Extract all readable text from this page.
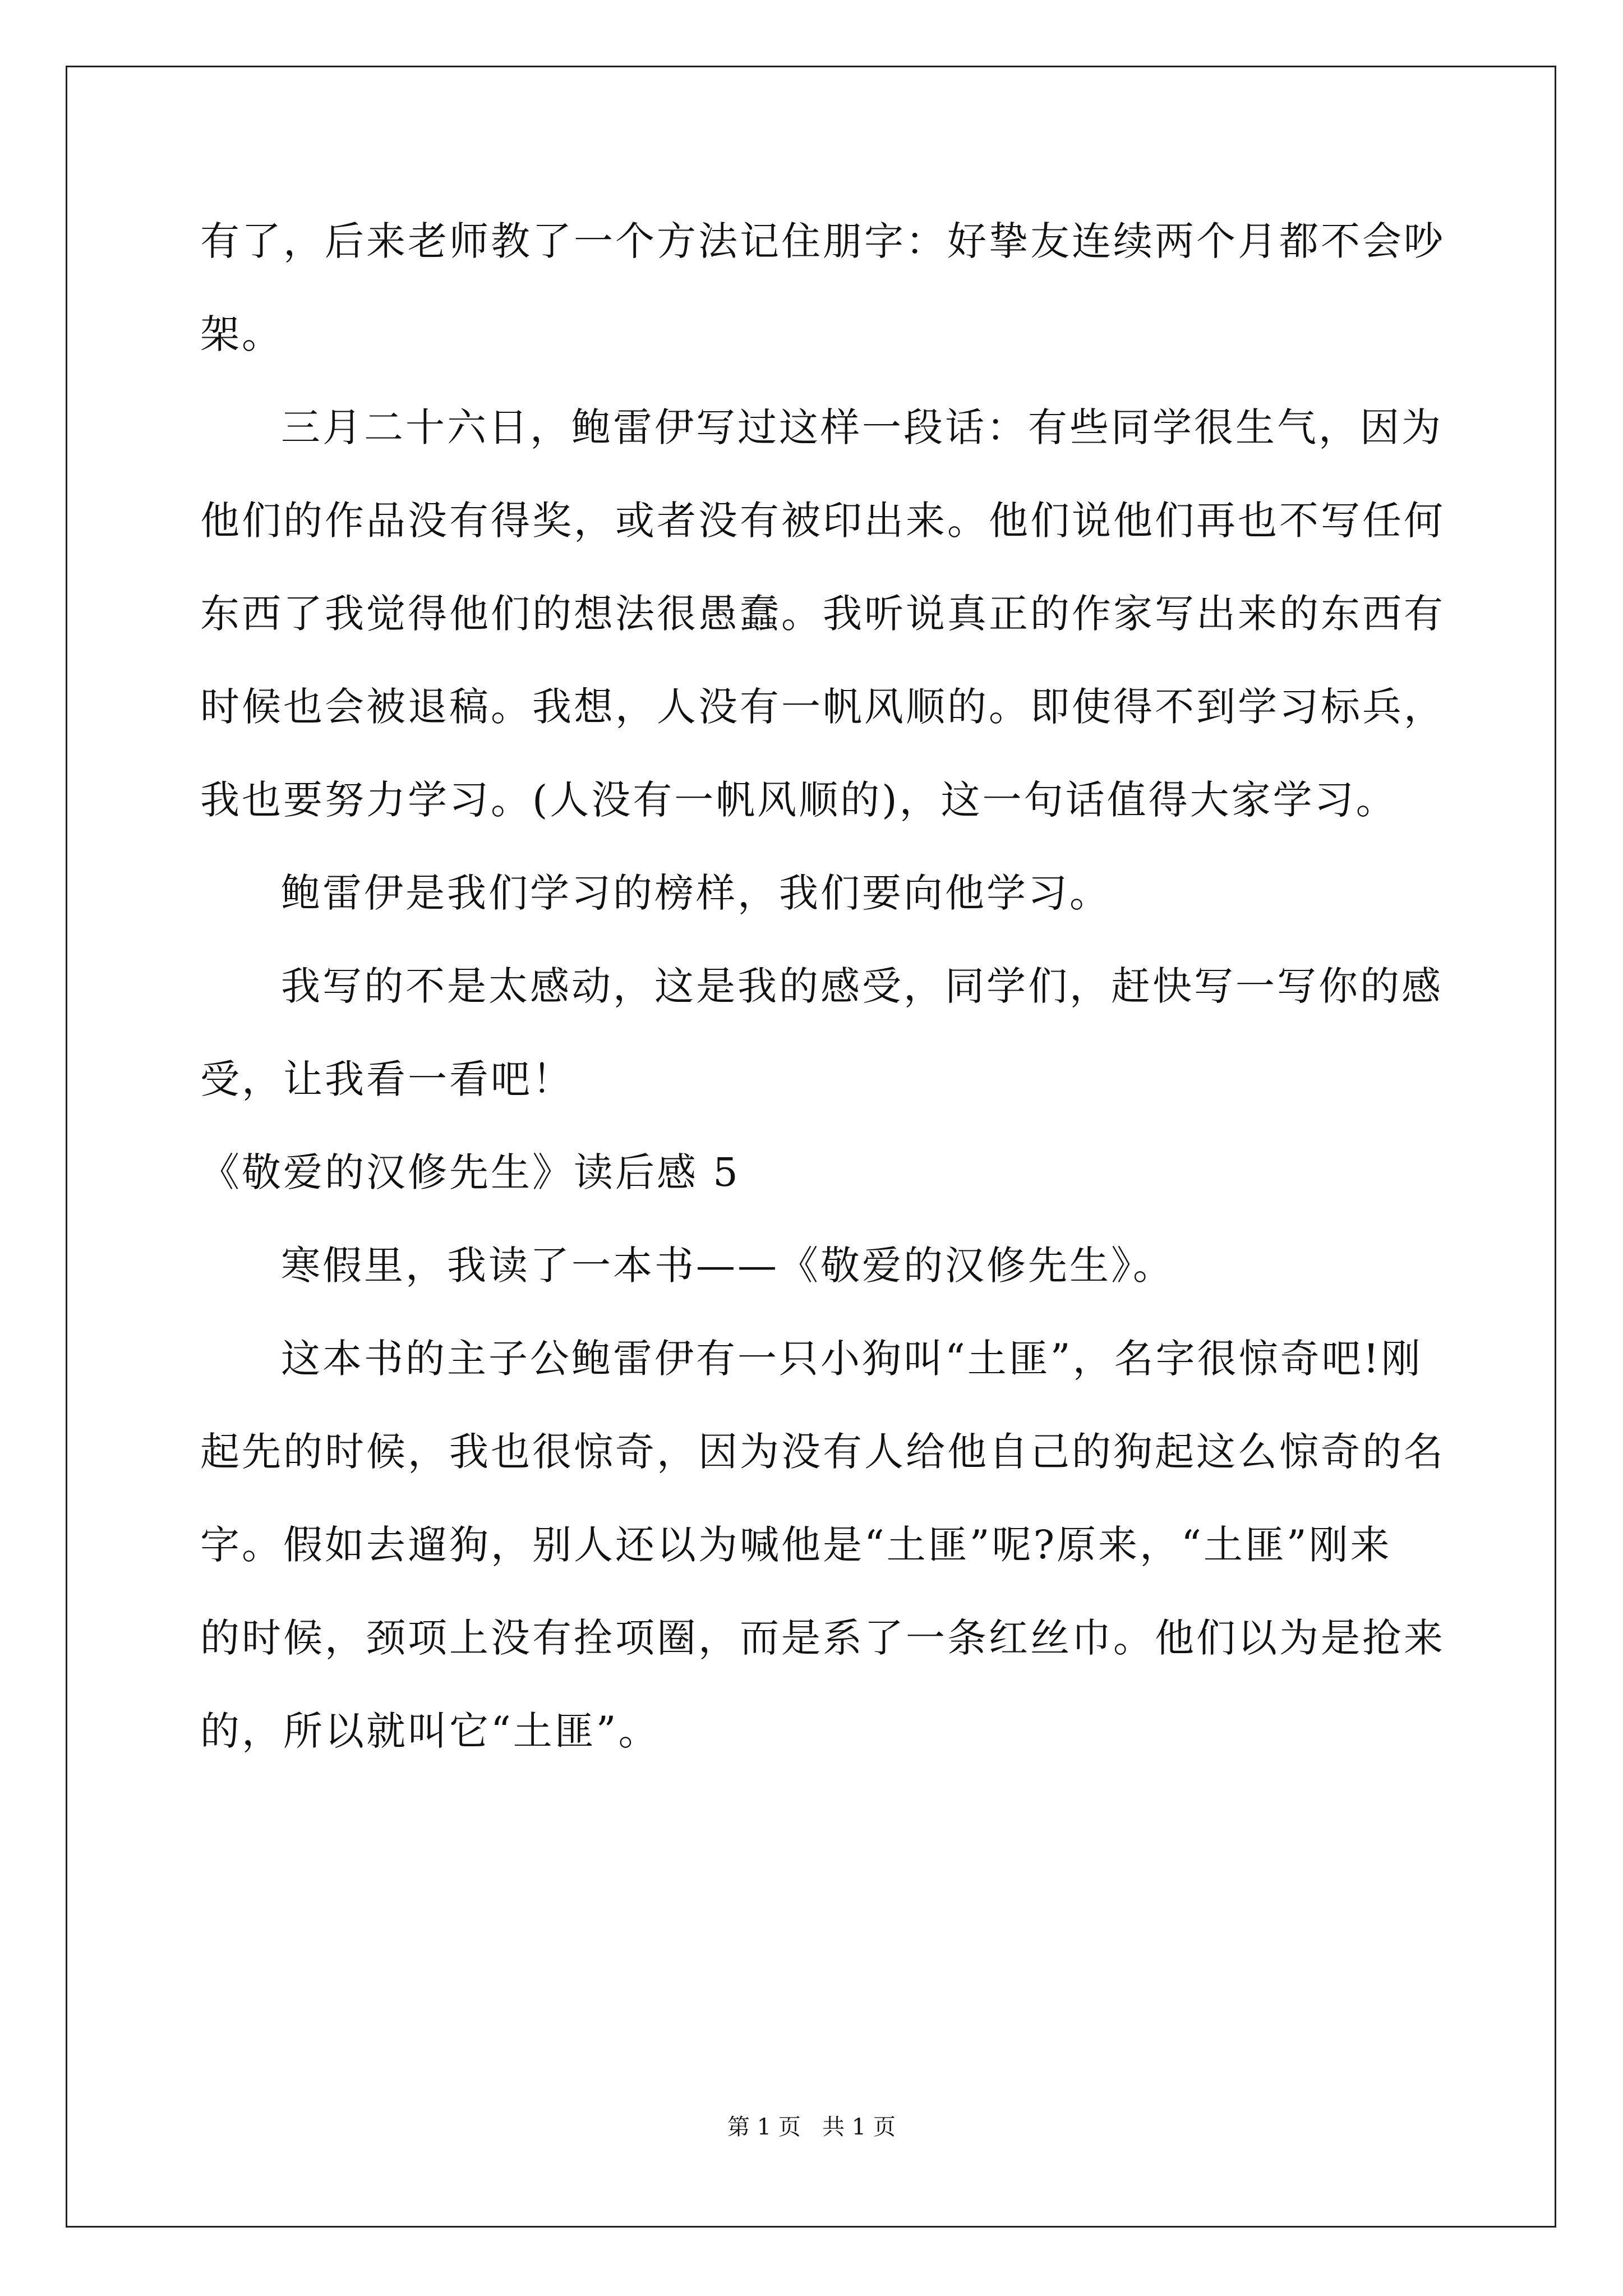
有了，后来老师教了一个方法记住朋字：好挚友连续两个月都不会吵
架。
三月二十六日，鲍雷伊写过这样一段话：有些同学很生气，因为
他们的作品没有得奖，或者没有被印出来。他们说他们再也不写任何
东西了我觉得他们的想法很愚蠢。我听说真正的作家写出来的东西有
时候也会被退稿。我想，人没有一帆风顺的。即使得不到学习标兵，
我也要努力学习。(人没有一帆风顺的)，这一句话值得大家学习。
鲍雷伊是我们学习的榜样，我们要向他学习。
我写的不是太感动，这是我的感受，同学们，赶快写一写你的感
受，让我看一看吧！
《敬爱的汉修先生》读后感 5
寒假里，我读了一本书——《敬爱的汉修先生》。
这本书的主子公鲍雷伊有一只小狗叫“土匪”，名字很惊奇吧!刚
起先的时候，我也很惊奇，因为没有人给他自己的狗起这么惊奇的名
字。假如去遛狗，别人还以为喊他是“土匪”呢?原来，“土匪”刚来
的时候，颈项上没有拴项圈，而是系了一条红丝巾。他们以为是抢来
的，所以就叫它“土匪”。
第 1 页   共 1 页
